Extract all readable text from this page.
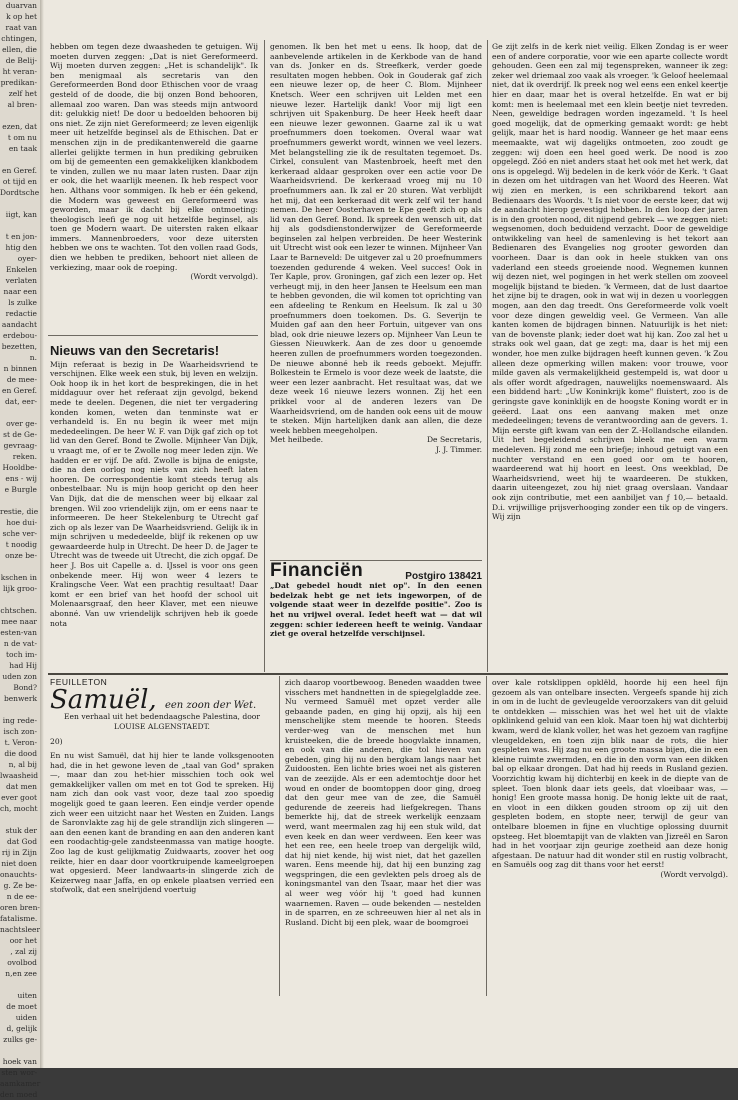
duarvan
k op het
raat van
chtingen,
ellen, die
de Belij-
ht veran-
predikan-
zelf het
al bren-

ezen, dat
t om nu
en taak

en Geref.
ot tijd en
Dordtsche

iigt, kan

t en jon-
htig den
oyer-
Enkelen
verlaten
naar een
ls zulke
redactie
aandacht
erdebou-
bezetten,
n.
n binnen
de mee-
en Geref.
dat, eer-

over ge-
st de Ge-
gevraag-
reken.
Hooldbe-
ens - wij
e Burgle

restie, die
hoe dui-
sche ver-
t noodig
onze be-

kschen in
lijk groo-

chtschen.
mee naar
esten-van
n de vat-
toch im-
had Hij
uden zon
Bond?
benwerk

ing rede-
isch zon-
t. Veron-
die dood
n, al bij
lwaasheid
dat men
ever goot
ch, mocht

stuk der
dat God
rij in Zijn
niet doen
onauchts-
g. Ze be-
n de ee-
oren bren-
fatalisme.
nachtsleer
oor het
, zal zij
ovolbod
n,en zee

uiten
de moet
uiden
d, gelijk
zulks ge-

hoek van
sten wor-
aamkamer
den moed

hebben om tegen deze dwaasheden te getuigen. Wij moeten durven zeggen: „Dat is niet Gereformeerd. Wij moeten durven zeggen: „Het is schandelijk". Ik ben menigmaal als secretaris van den Gereformeerden Bond door Ethischen voor de vraag gesteld of de doode, die bij onzen Bond behooren, allemaal zoo waren. Dan was steeds mijn antwoord dit: gelukkig niet! De door u bedoelden behooren bij ons niet. Ze zijn niet Gereformeerd; ze leven eigenlijk meer uit hetzelfde beginsel als de Ethischen. Dat er menschen zijn in de predikantenwereld die gaarne allerlei gelijkte termen in hun prediking gebruiken om bij de gemeenten een gemakkelijken klankbodem te vinden, zullen we nu maar laten rusten. Daar zijn er ook, die het waarlijk meenen. Ik heb respect voor hen. Althans voor sommigen. Ik heb er één gekend, die Modern was geweest en Gereformeerd was geworden, maar ik dacht bij elke ontmoeting: theologisch leefi ge nog uit hetzelfde beginsel, als toen ge Modern waart. De uitersten raken elkaar immers. Mannenbroeders, voor deze uitersten hebben we ons te wachten. Tot den vollen raad Gods, dien we hebben te prediken, behoort niet alleen de verkiezing, maar ook de roeping.

(Wordt vervolgd).

Nieuws van den Secretaris!

Mijn referaat is bezig in De Waarheidsvriend te verschijnen. Elke week een stuk, bij leven en welzijn. Ook hoop ik in het kort de besprekingen, die in het middaguur over het referaat zijn gevolgd, bekend mede te deelen. Degenen, die niet ter vergadering konden komen, weten dan tenminste wat er verhandeld is. En nu begin ik weer met mijn mededeelingen. De heer W. F. van Dijk gaf zich op tot lid van den Geref. Bond te Zwolle. Mijnheer Van Dijk, u vraagt me, of er te Zwolle nog meer leden zijn. We hadden er er vijf. De afd. Zwolle is bijna de enigste, die na den oorlog nog niets van zich heeft laten hooren. De correspondentie komt steeds terug als onbestelbaar. Nu is mijn hoop gericht op den heer Van Dijk, dat die de menschen weer bij elkaar zal brengen. Wil zoo vriendelijk zijn, om er eens naar te informeeren. De heer Stekelenburg te Utrecht gaf zich op als lezer van De Waarheidsvriend. Gelijk ik in mijn schrijven u mededeelde, blijf ik rekenen op uw gewaardeerde hulp in Utrecht. De heer D. de Jager te Utrecht was de tweede uit Utrecht, die zich opgaf. De heer J. Bos uit Capelle a. d. IJssel is voor ons geen onbekende meer. Hij won weer 4 lezers te Kralingsche Veer. Wat een prachtig resultaat! Daar komt er een brief van het hoofd der school uit Molenaarsgraaf, den heer Klaver, met een nieuwe abonné. Van uw vriendelijk schrijven heb ik goede nota

genomen. Ik ben het met u eens. Ik hoop, dat de aanbevelende artikelen in de Kerkbode van de hand van ds. Jonker en ds. Streefkerk, verder goede resultaten mogen hebben. Ook in Gouderak gaf zich een nieuwe lezer op, de heer C. Blom. Mijnheer Knetsch. Weer een schrijven uit Lelden met een nieuwe lezer. Hartelijk dank! Voor mij ligt een schrijven uit Spakenburg. De heer Heek heeft daar een nieuwe lezer gewonnen. Gaarne zal ik u wat proefnummers doen toekomen. Overal waar wat proefnummers gewerkt wordt, winnen we veel lezers. Met belangstelling zie ik de resultaten tegemoet. Ds. Cirkel, consulent van Mastenbroek, heeft met den kerkeraad aldaar gesproken over een actie voor De Waarheidsvriend. De kerkeraad vroeg mij nu 10 proefnummers aan. Ik zal er 20 sturen. Wat verblijdt het mij, dat een kerkeraad dit werk zelf wil ter hand nemen. De heer Oosterhaven te Epe geeft zich op als lid van den Geref. Bond. Ik spreek den wensch uit, dat hij als godsdienstonderwijzer de Gereformeerde beginselen zal helpen verbreiden. De heer Westerink uit Utrecht wist ook een lezer te winnen. Mijnheer Van Laar te Barneveld: De uitgever zal u 20 proefnummers toezenden gedurende 4 weken. Veel succes! Ook in Ter Kaple, prov. Groningen, gaf zich een lezer op. Het verheugt mij, in den heer Jansen te Heelsum een man te hebben gevonden, die wil komen tot oprichting van een afdeeling te Renkum en Heelsum. Ik zal u 30 proefnummers doen toekomen. Ds. G. Severijn te Muiden gaf aan den heer Fortuin, uitgever van ons blad, ook drie nieuwe lezers op. Mijnheer Van Leun te Giessen Nieuwkerk. Aan de zes door u genoemde heeren zullen de proefnummers worden toegezonden. De nieuwe abonné heb ik reeds geboekt. Mejuffr. Bolkestein te Ermelo is voor deze week de laatste, die weer een lezer aanbracht. Het resultaat was, dat we deze week 16 nieuwe lezers wonnen. Zij het een prikkel voor al de anderen lezers van De Waarheidsvriend, om de handen ook eens uit de mouw te steken. Mijn hartelijken dank aan allen, die deze week hebben meegeholpen.

Met heilbede.	De Secretaris,

J. J. Timmer.

Financiën	Postgiro 138421

„Dat gebedel houdt niet op". In den eenen bedelzak hebt ge net iets ingeworpen, of de volgende staat weer in dezelfde positie". Zoo is het nu vrijwel overal. Iedet heeft wat — dat wil zeggen: schier iedereen heeft te weinig. Vandaar ziet ge overal hetzelfde verschijnsel.

Ge zijt zelfs in de kerk niet veilig. Elken Zondag is er weer een of andere corporatie, voor wie een aparte collecte wordt gehouden. Geen een zal mij tegenspreken, wanneer ik zeg: zeker wel driemaal zoo vaak als vroeger. 'k Geloof heelemaal niet, dat ik overdrijf. Ik preek nog wel eens een enkel keertje hier en daar, maar het is overal hetzelfde. En wat er bij komt: men is heelemaal met een klein beetje niet tevreden. Neen, geweldige bedragen worden ingezameld. 't Is heel goed mogelijk, dat de opmerking gemaakt wordt: ge hebt gelijk, maar het is hard noodig. Wanneer ge het maar eens meemaakte, wat wij dagelijks ontmoeten, zoo zoudt ge zeggen: wij doen een heel goed werk. De nood is zoo opgelegd. Zóó en niet anders staat het ook met het werk, dat ons is opgelegd. Wij bedelen in de kerk vóór de Kerk. 't Gaat in dezen om het uitdragen van het Woord des Heeren. Wat wij zien en merken, is een schrikbarend tekort aan Bedienaars des Woords. 't Is niet voor de eerste keer, dat wij de aandacht hierop gevestigd hebben. In den loop der jaren is in den grooten nood, dit nijpend gebrek — we zeggen niet: wegsenomen, doch beduidend verzacht. Door de geweldige ontwikkeling van heel de samenleving is het tekort aan Bedienaren des Evangelies nog grooter geworden dan voorheen. Daar is dan ook in heele stukken van ons vaderland een steeds groeiende nood. Wegnemen kunnen wij dezen niet, wel pogingen in het werk stellen om zooveel mogelijk bijstand te bieden. 'k Vermeen, dat de lust daartoe het zijne bij te dragen, ook in wat wij in dezen u voorleggen mogen, aan den dag treedt. Ons Gereformeerde volk voelt voor deze dingen geweldig veel. Ge Vermeen. Van alle kanten komen de bijdragen binnen. Natuurlijk is het niet: van de bovenste plank; ieder doet wat hij kan. Zoo zal het u straks ook wel gaan, dat ge zegt: ma, daar is het mij een wonder, hoe men zulke bijdragen heeft kunnen geven. 'k Zou alleen deze opmerking willen maken: voor trouwe, voor milde gaven als vermakelijkheid gestempeld is, wat door u als offer wordt afgedragen, nauwelijks noemenswaard. Als een biddend hart: „Uw Koninkrijk kome" fluistert, zoo is de geringste gave koninklijk en de hoogste Koning wordt er in geëerd. Laat ons een aanvang maken met onze mededeelingen; tevens de verantwoording aan de gevers. 1. Mijn eerste gift kwam van een der Z.-Hollandsche eilanden. Uit het begeleidend schrijven bleek me een warm medeleven. Hij zond me een briefje; inhoud getuigt van een nuchter verstand en een goed oor om te hooren, waardeerend wat hij hoort en leest. Ons weekblad, De Waarheidsvriend, weet hij te waardeeren. De stukken, daarin uiteengezet, zou hij niet graag overslaan. Vandaar ook zijn contributie, met een aanbiljet van ƒ 10,— betaald. D.i. vrijwillige prijsverhooging zonder een tik op de vingers. Wij zijn

FEUILLETON
Samuël, een zoon der Wet.

Een verhaal uit het bedendaagsche Palestina, door LOUISE ALGENSTAEDT.

20)

En nu wist Samuël, dat hij hier te lande volksgenooten had, die in het gewone leven de „taal van God" spraken —, maar dan zou het-hier misschien toch ook wel gemakkelijker vallen om met en tot God te spreken. Hij nam zich dan ook vast voor, deze taal zoo spoedig mogelijk goed te gaan leeren. Een eindje verder opende zich weer een uitzicht naar het Westen en Zuiden. Langs de Saronvlakte zag hij de gele strandlijn zich slingeren — aan den eenen kant de branding en aan den anderen kant een roodachtig-gele zandsteenmassa van matige hoogte. Zoo lag de kust gelijkmatig Zuidwaarts, zoover het oog reikte, hier en daar door voortkruipende kameelgroepen wat opgesierd. Meer landwaarts-in slingerde zich de Keizerweg naar Jaffa, en op enkele plaatsen verried een stofwolk, dat een snelrijdend voertuig

zich daarop voortbewoog. Beneden waadden twee visschers met handnetten in de spiegelgladde zee. Nu vermeed Samuël met opzet verder alle gebaande paden, en ging hij opzij, als hij een menschelijke stem meende te hooren. Steeds verder-weg van de menschen met hun kruisteeken, die de breede hoogvlakte innamen, en ook van die anderen, die tol hieven van gebeden, ging hij nu den bergkam langs naar het Zuidoosten. Een lichte bries woei net als gisteren van de zeezijde. Als er een ademtochtje door het woud en onder de boomtoppen door ging, droeg dat den geur mee van de zee, die Samuël gedurende de zeereis had liefgekregen. Thans bemerkte hij, dat de streek werkelijk eenzaam werd, want meermalen zag hij een stuk wild, dat even keek en dan weer verdween. Een keer was het een ree, een heele troep van dergelijk wild, dat hij niet kende, hij wist niet, dat het gazellen waren. Eens meende hij, dat hij een bunzing zag wegspringen, die een gevlekten pels droeg als de koningsmantel van den Tsaar, maar het dier was al weer weg vóór hij 't goed had kunnen waarnemen. Raven — oude bekenden — nestelden in de sparren, en ze schreeuwen hier al net als in Rusland. Dicht bij een plek, waar de boomgroei

over kale rotsklippen opklëld, hoorde hij een heel fijn gezoem als van ontelbare insecten. Vergeefs spande hij zich in om in de lucht de gevleugelde veroorzakers van dit geluid te ontdekken — misschien was het wel het uit de vlakte opklinkend geluid van een klok. Maar toen hij wat dichterbij kwam, werd de klank voller, het was het gezoem van ragfijne vleugeldeken, en toen zijn blik naar de rots, die hier gespleten was. Hij zag nu een groote massa bijen, die in een kleine ruimte zwermden, en die in den vorm van een dikken bal op elkaar drongen. Dat had hij reeds in Rusland gezien. Voorzichtig kwam hij dichterbij en keek in de diepte van de spleet. Toen blonk daar iets geels, dat vloeibaar was, — honig! Een groote massa honig. De honig lekte uit de raat, en vloot in een dikken gouden stroom op zij uit den gespleten bodem, en stopte neer, terwijl de geur van ontelbare bloemen in fijne en vluchtige oplossing duurnit opsteeg. Het bloemtapijt van de vlakten van Jizreël en Saron had in het voorjaar zijn geurige zoetheid aan deze honig afgestaan. De natuur had dit wonder stil en rustig volbracht, en Samuëls oog zag dit thans voor het eerst!

(Wordt vervolgd).
